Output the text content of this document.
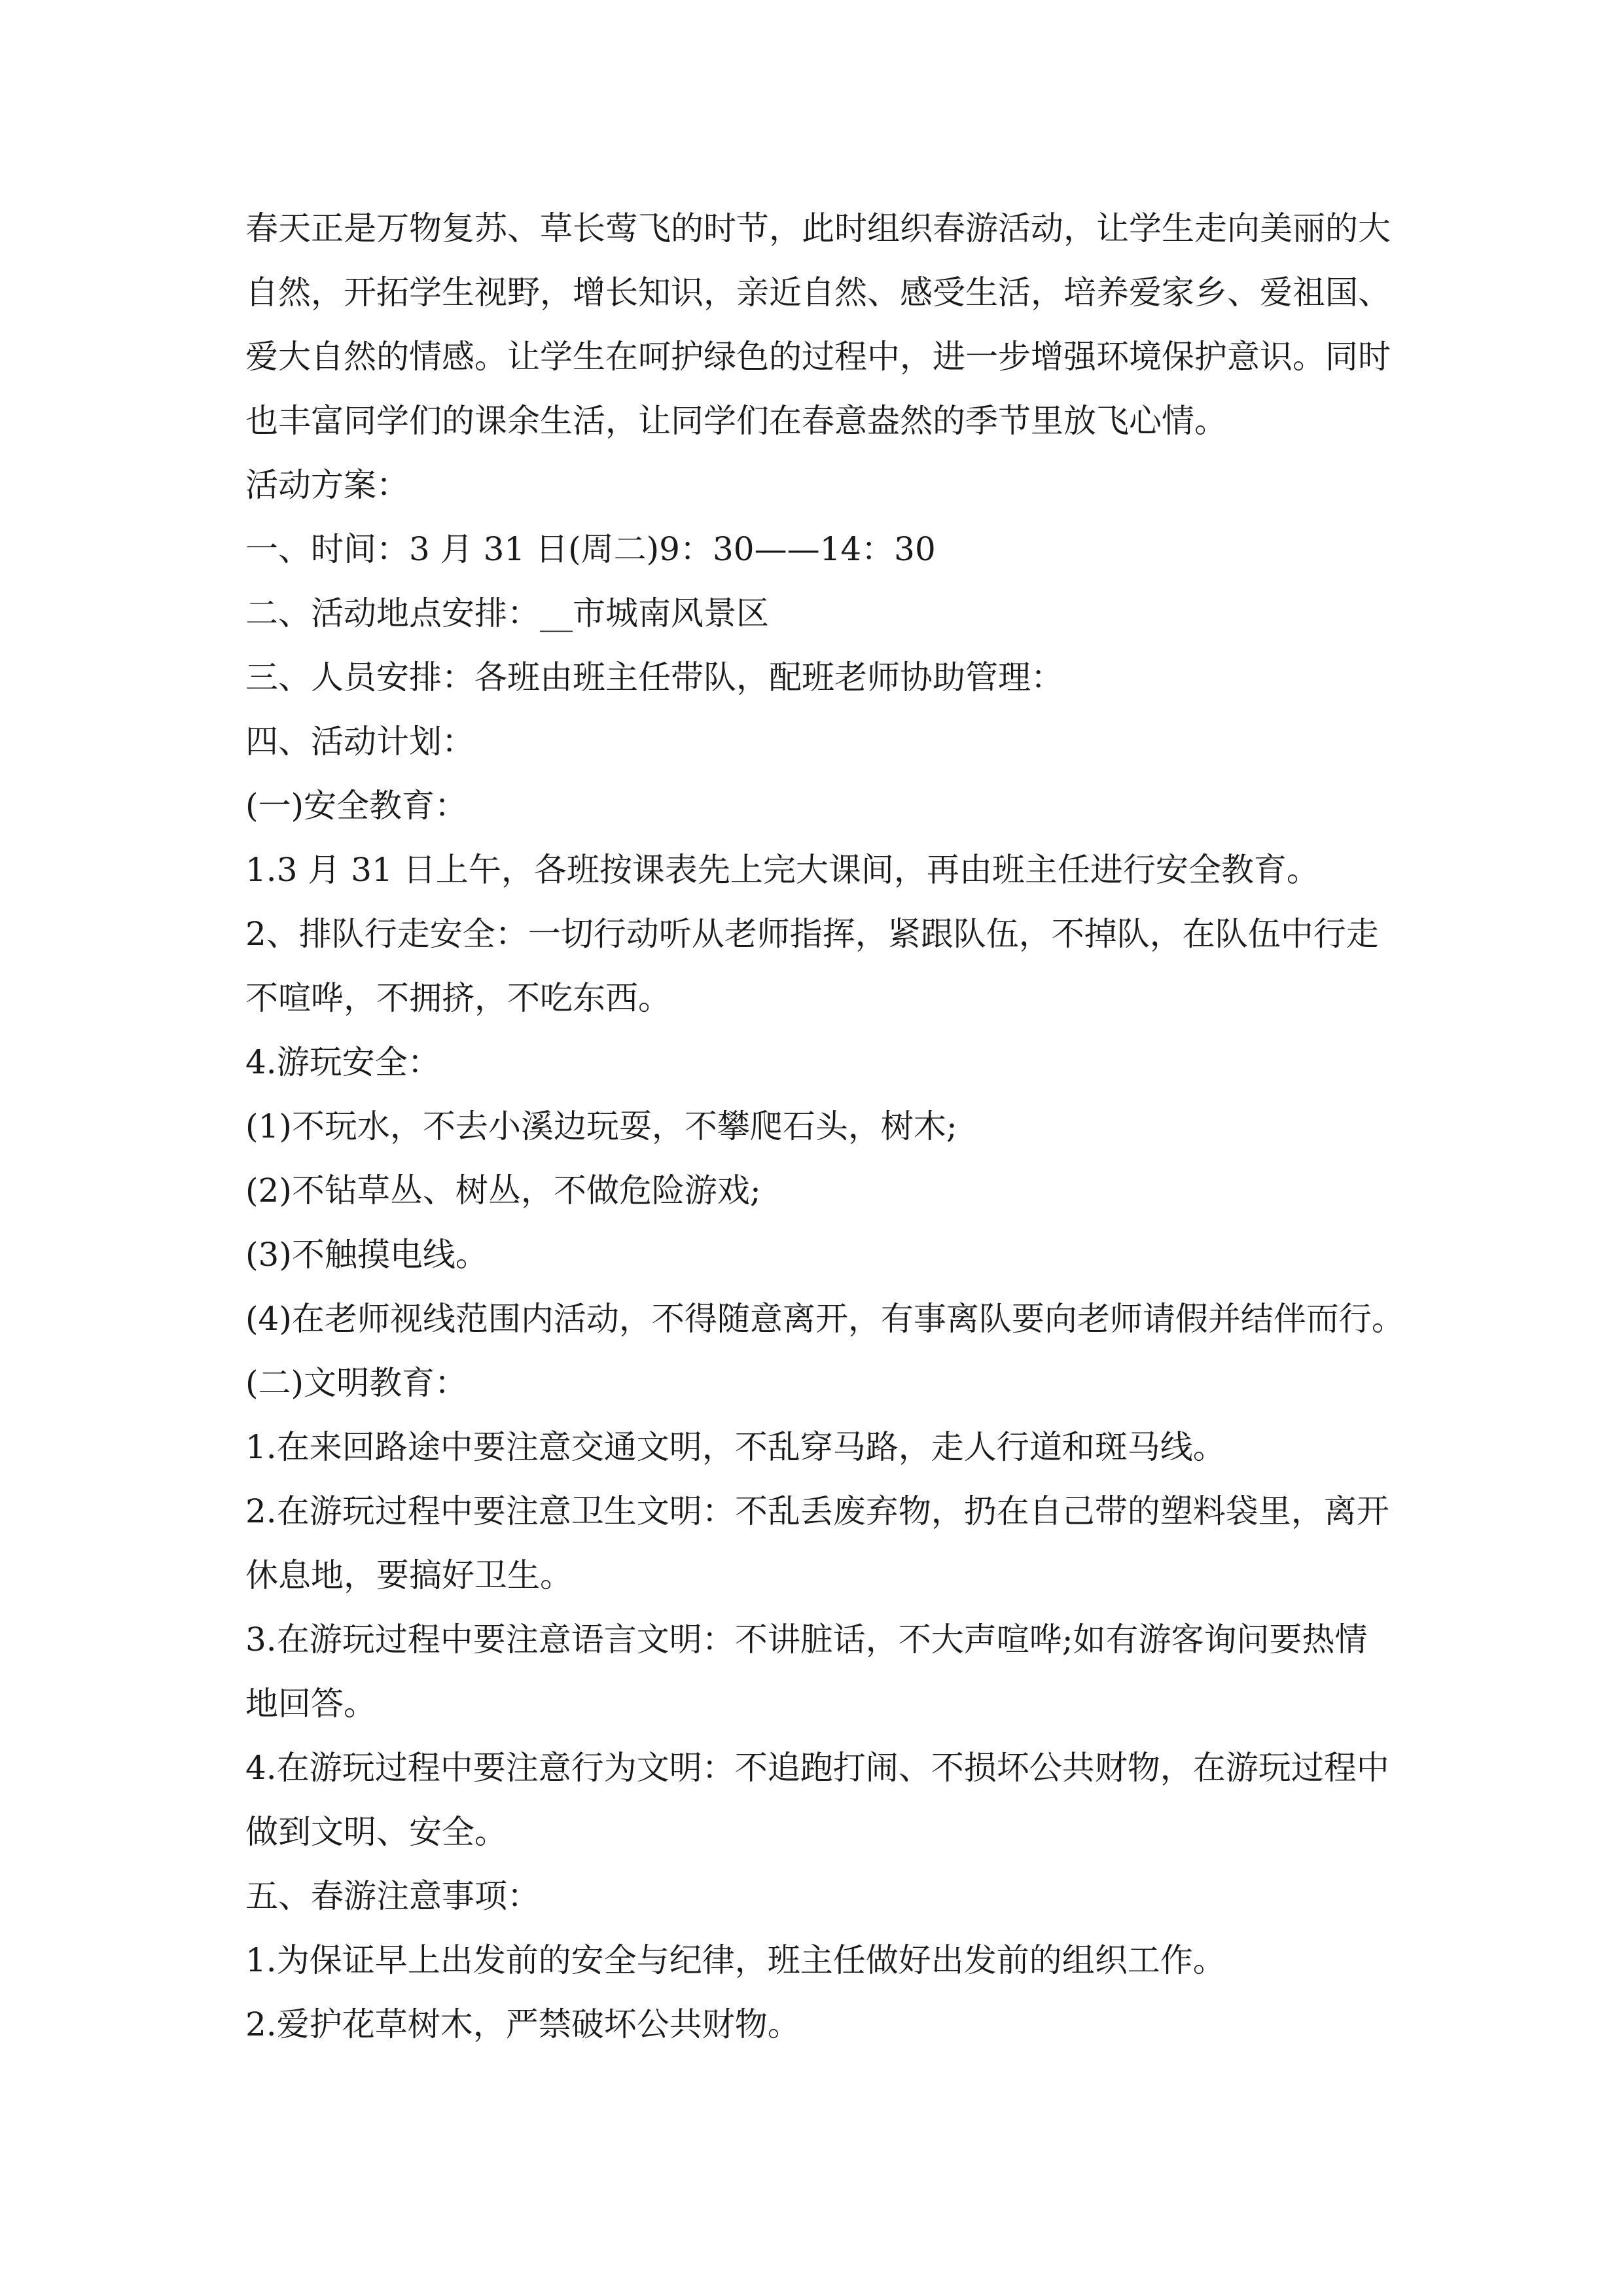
春天正是万物复苏、草长莺飞的时节，此时组织春游活动，让学生走向美丽的大
自然，开拓学生视野，增长知识，亲近自然、感受生活，培养爱家乡、爱祖国、
爱大自然的情感。让学生在呵护绿色的过程中，进一步增强环境保护意识。同时
也丰富同学们的课余生活，让同学们在春意盎然的季节里放飞心情。
活动方案：
一、时间：3 月 31 日(周二)9：30——14：30
二、活动地点安排：__市城南风景区
三、人员安排：各班由班主任带队，配班老师协助管理：
四、活动计划：
(一)安全教育：
1.3 月 31 日上午，各班按课表先上完大课间，再由班主任进行安全教育。
2、排队行走安全：一切行动听从老师指挥，紧跟队伍，不掉队，在队伍中行走
不喧哗，不拥挤，不吃东西。
4.游玩安全：
(1)不玩水，不去小溪边玩耍，不攀爬石头，树木;
(2)不钻草丛、树丛，不做危险游戏;
(3)不触摸电线。
(4)在老师视线范围内活动，不得随意离开，有事离队要向老师请假并结伴而行。
(二)文明教育：
1.在来回路途中要注意交通文明，不乱穿马路，走人行道和斑马线。
2.在游玩过程中要注意卫生文明：不乱丢废弃物，扔在自己带的塑料袋里，离开
休息地，要搞好卫生。
3.在游玩过程中要注意语言文明：不讲脏话，不大声喧哗;如有游客询问要热情
地回答。
4.在游玩过程中要注意行为文明：不追跑打闹、不损坏公共财物，在游玩过程中
做到文明、安全。
五、春游注意事项：
1.为保证早上出发前的安全与纪律，班主任做好出发前的组织工作。
2.爱护花草树木，严禁破坏公共财物。
